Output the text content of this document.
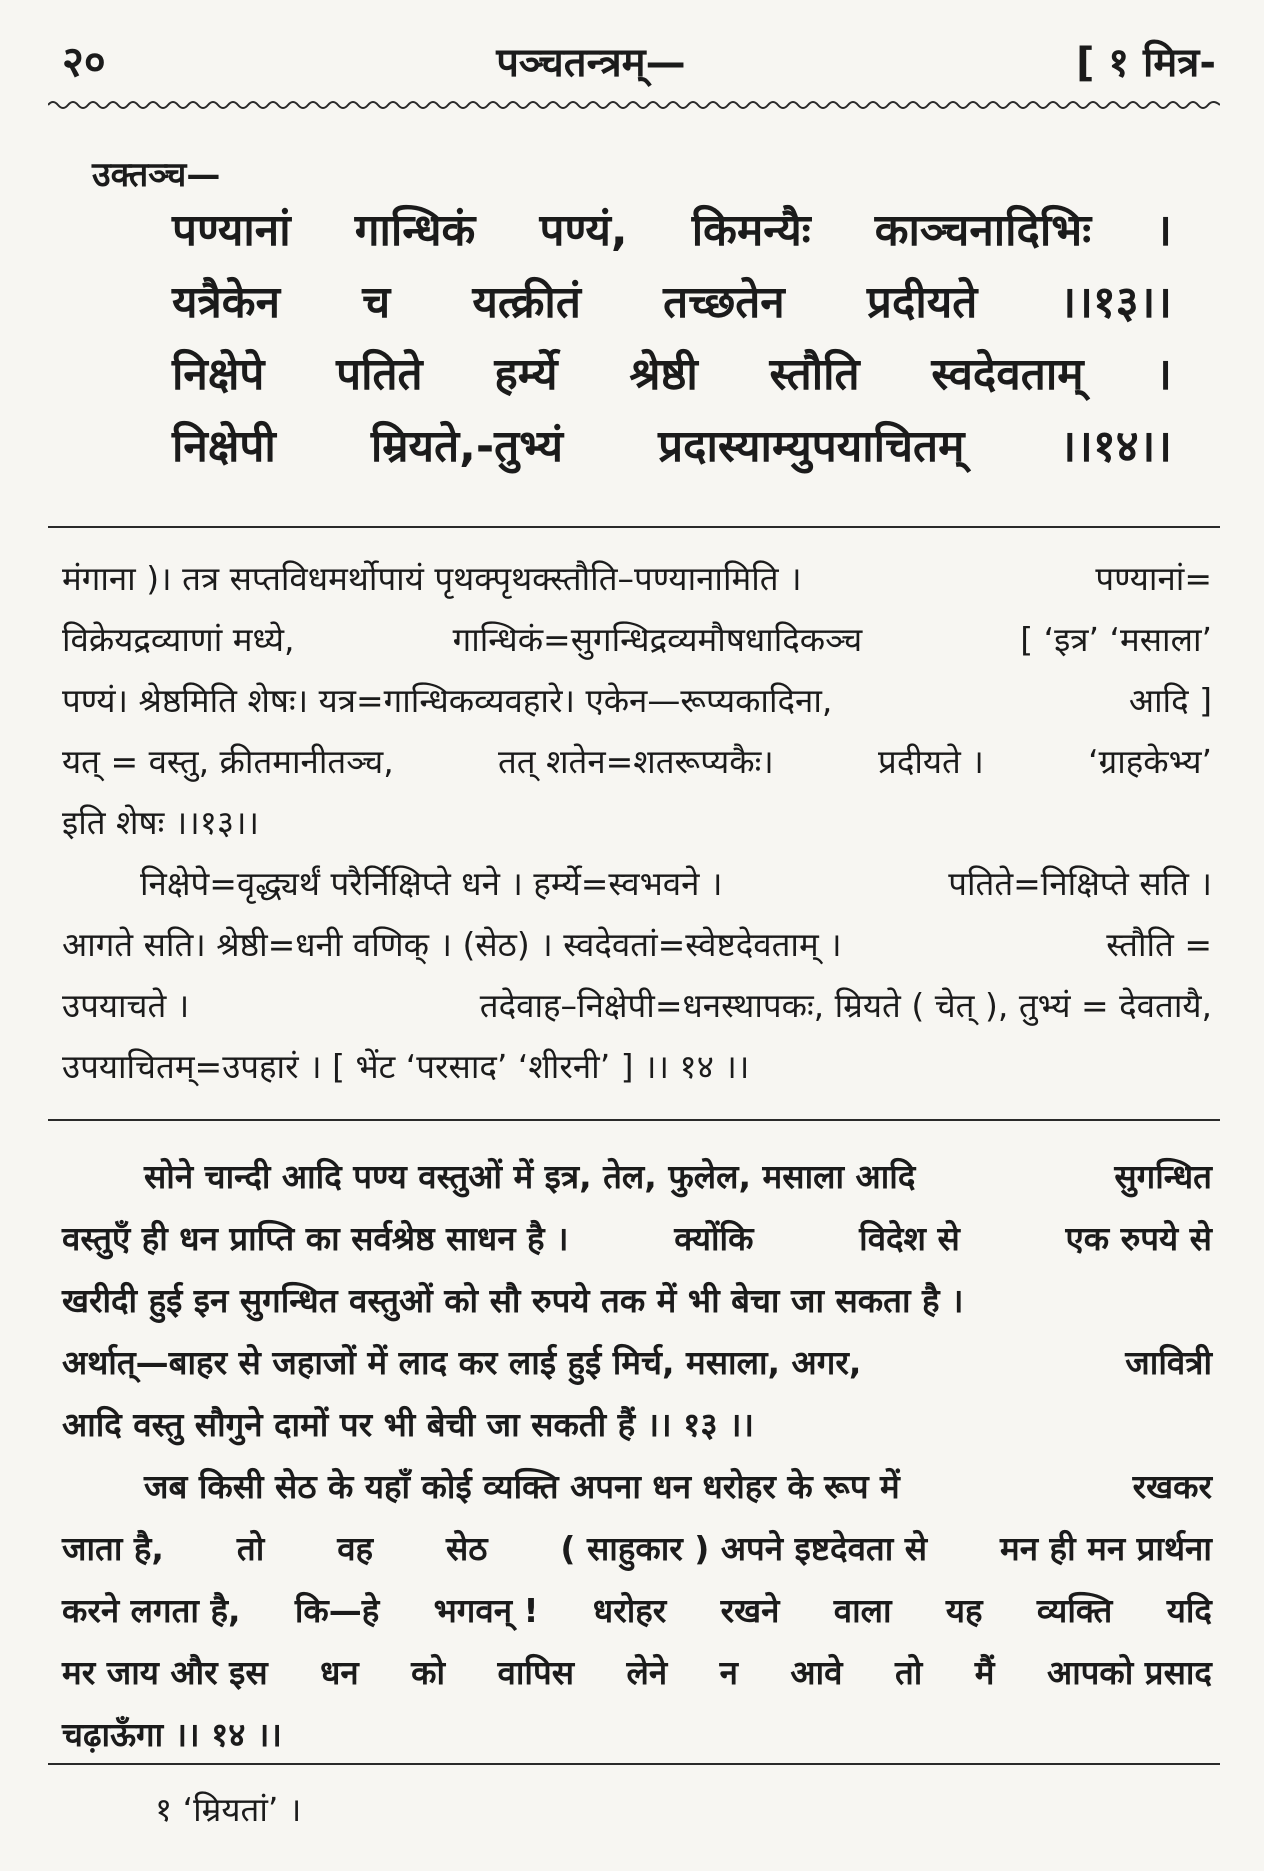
२०	पञ्चतन्त्रम्—	[ १ मित्र-
उक्तञ्च—
पण्यानां गान्धिकं पण्यं, किमन्यैः काञ्चनादिभिः ।
यत्रैकेन च यत्क्रीतं तच्छतेन प्रदीयते ।।१३।।
निक्षेपे पतिते हर्म्ये श्रेष्ठी स्तौति स्वदेवताम् ।
निक्षेपी म्रियते,-तुभ्यं प्रदास्याम्युपयाचितम् ।।१४।।
मंगाना )। तत्र सप्तविधमर्थोपायं पृथक्पृथक्स्तौति–पण्यानामिति ।	पण्यानां=
विक्रेयद्रव्याणां मध्ये,	गान्धिकं=सुगन्धिद्रव्यमौषधादिकञ्च	[ ‘इत्र’ ‘मसाला’
पण्यं। श्रेष्ठमिति शेषः। यत्र=गान्धिकव्यवहारे। एकेन—रूप्यकादिना,	आदि ]
यत् = वस्तु, क्रीतमानीतञ्च,	तत् शतेन=शतरूप्यकैः।	प्रदीयते ।	‘ग्राहकेभ्य’
इति शेषः ।।१३।।
निक्षेपे=वृद्ध्यर्थं परैर्निक्षिप्ते धने । हर्म्ये=स्वभवने ।	पतिते=निक्षिप्ते सति ।
आगते सति। श्रेष्ठी=धनी वणिक् । (सेठ) । स्वदेवतां=स्वेष्टदेवताम् ।	स्तौति =
उपयाचते ।	तदेवाह–निक्षेपी=धनस्थापकः, म्रियते ( चेत् ), तुभ्यं = देवतायै,
उपयाचितम्=उपहारं । [ भेंट ‘परसाद’ ‘शीरनी’ ] ।। १४ ।।
सोने चान्दी आदि पण्य वस्तुओं में इत्र, तेल, फुलेल, मसाला आदि	सुगन्धित
वस्तुएँ ही धन प्राप्ति का सर्वश्रेष्ठ साधन है ।	क्योंकि	विदेश से	एक रुपये से
खरीदी हुई इन सुगन्धित वस्तुओं को सौ रुपये तक में भी बेचा जा सकता है ।
अर्थात्—बाहर से जहाजों में लाद कर लाई हुई मिर्च, मसाला, अगर,	जावित्री
आदि वस्तु सौगुने दामों पर भी बेची जा सकती हैं ।। १३ ।।
जब किसी सेठ के यहाँ कोई व्यक्ति अपना धन धरोहर के रूप में	रखकर
जाता है, तो वह सेठ ( साहुकार ) अपने इष्टदेवता से मन ही मन प्रार्थना
करने लगता है, कि—हे भगवन् ! धरोहर रखने वाला यह व्यक्ति यदि
मर जाय और इस धन को वापिस लेने न आवे तो मैं आपको प्रसाद
चढ़ाऊँगा ।। १४ ।।
१ ‘म्रियतां’ ।
